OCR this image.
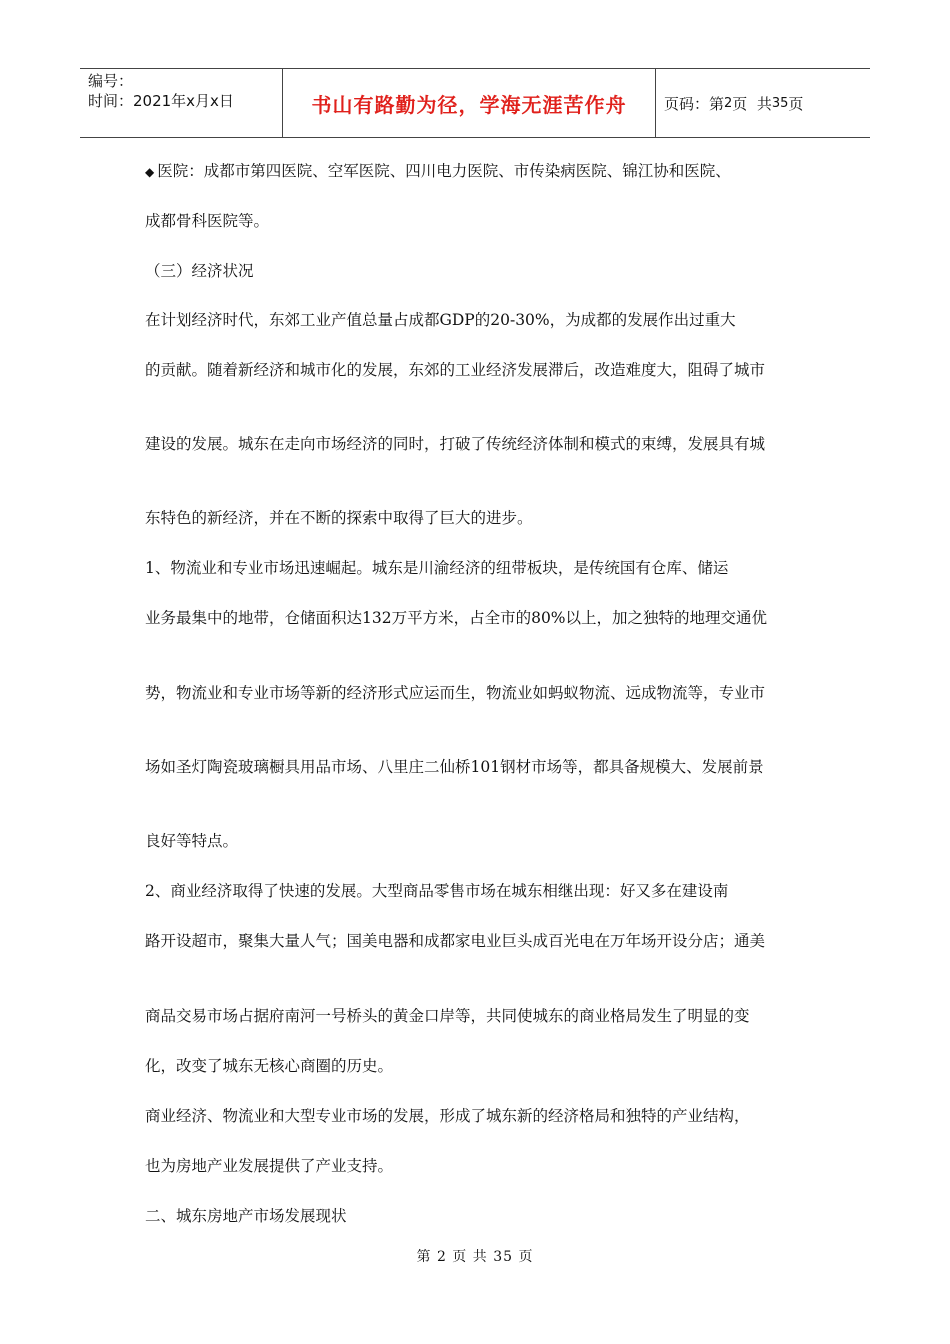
编号：
时间：2021年x月x日	书山有路勤为径，学海无涯苦作舟	页码：第 2 页  共 35 页

◆ 医院：成都市第四医院、空军医院、四川电力医院、市传染病医院、锦江协和医院、

成都骨科医院等。

（三）经济状况

在计划经济时代，东郊工业产值总量占成都GDP的20-30%，为成都的发展作出过重大

的贡献。随着新经济和城市化的发展，东郊的工业经济发展滞后，改造难度大，阻碍了城市

建设的发展。城东在走向市场经济的同时，打破了传统经济体制和模式的束缚，发展具有城

东特色的新经济，并在不断的探索中取得了巨大的进步。

1、物流业和专业市场迅速崛起。城东是川渝经济的纽带板块，是传统国有仓库、储运

业务最集中的地带，仓储面积达132万平方米，占全市的80%以上，加之独特的地理交通优

势，物流业和专业市场等新的经济形式应运而生，物流业如蚂蚁物流、远成物流等，专业市

场如圣灯陶瓷玻璃橱具用品市场、八里庄二仙桥101钢材市场等，都具备规模大、发展前景

良好等特点。

2、商业经济取得了快速的发展。大型商品零售市场在城东相继出现：好又多在建设南

路开设超市，聚集大量人气；国美电器和成都家电业巨头成百光电在万年场开设分店；通美

商品交易市场占据府南河一号桥头的黄金口岸等，共同使城东的商业格局发生了明显的变

化，改变了城东无核心商圈的历史。

商业经济、物流业和大型专业市场的发展，形成了城东新的经济格局和独特的产业结构，

也为房地产业发展提供了产业支持。

二、城东房地产市场发展现状

第 2 页 共 35 页
